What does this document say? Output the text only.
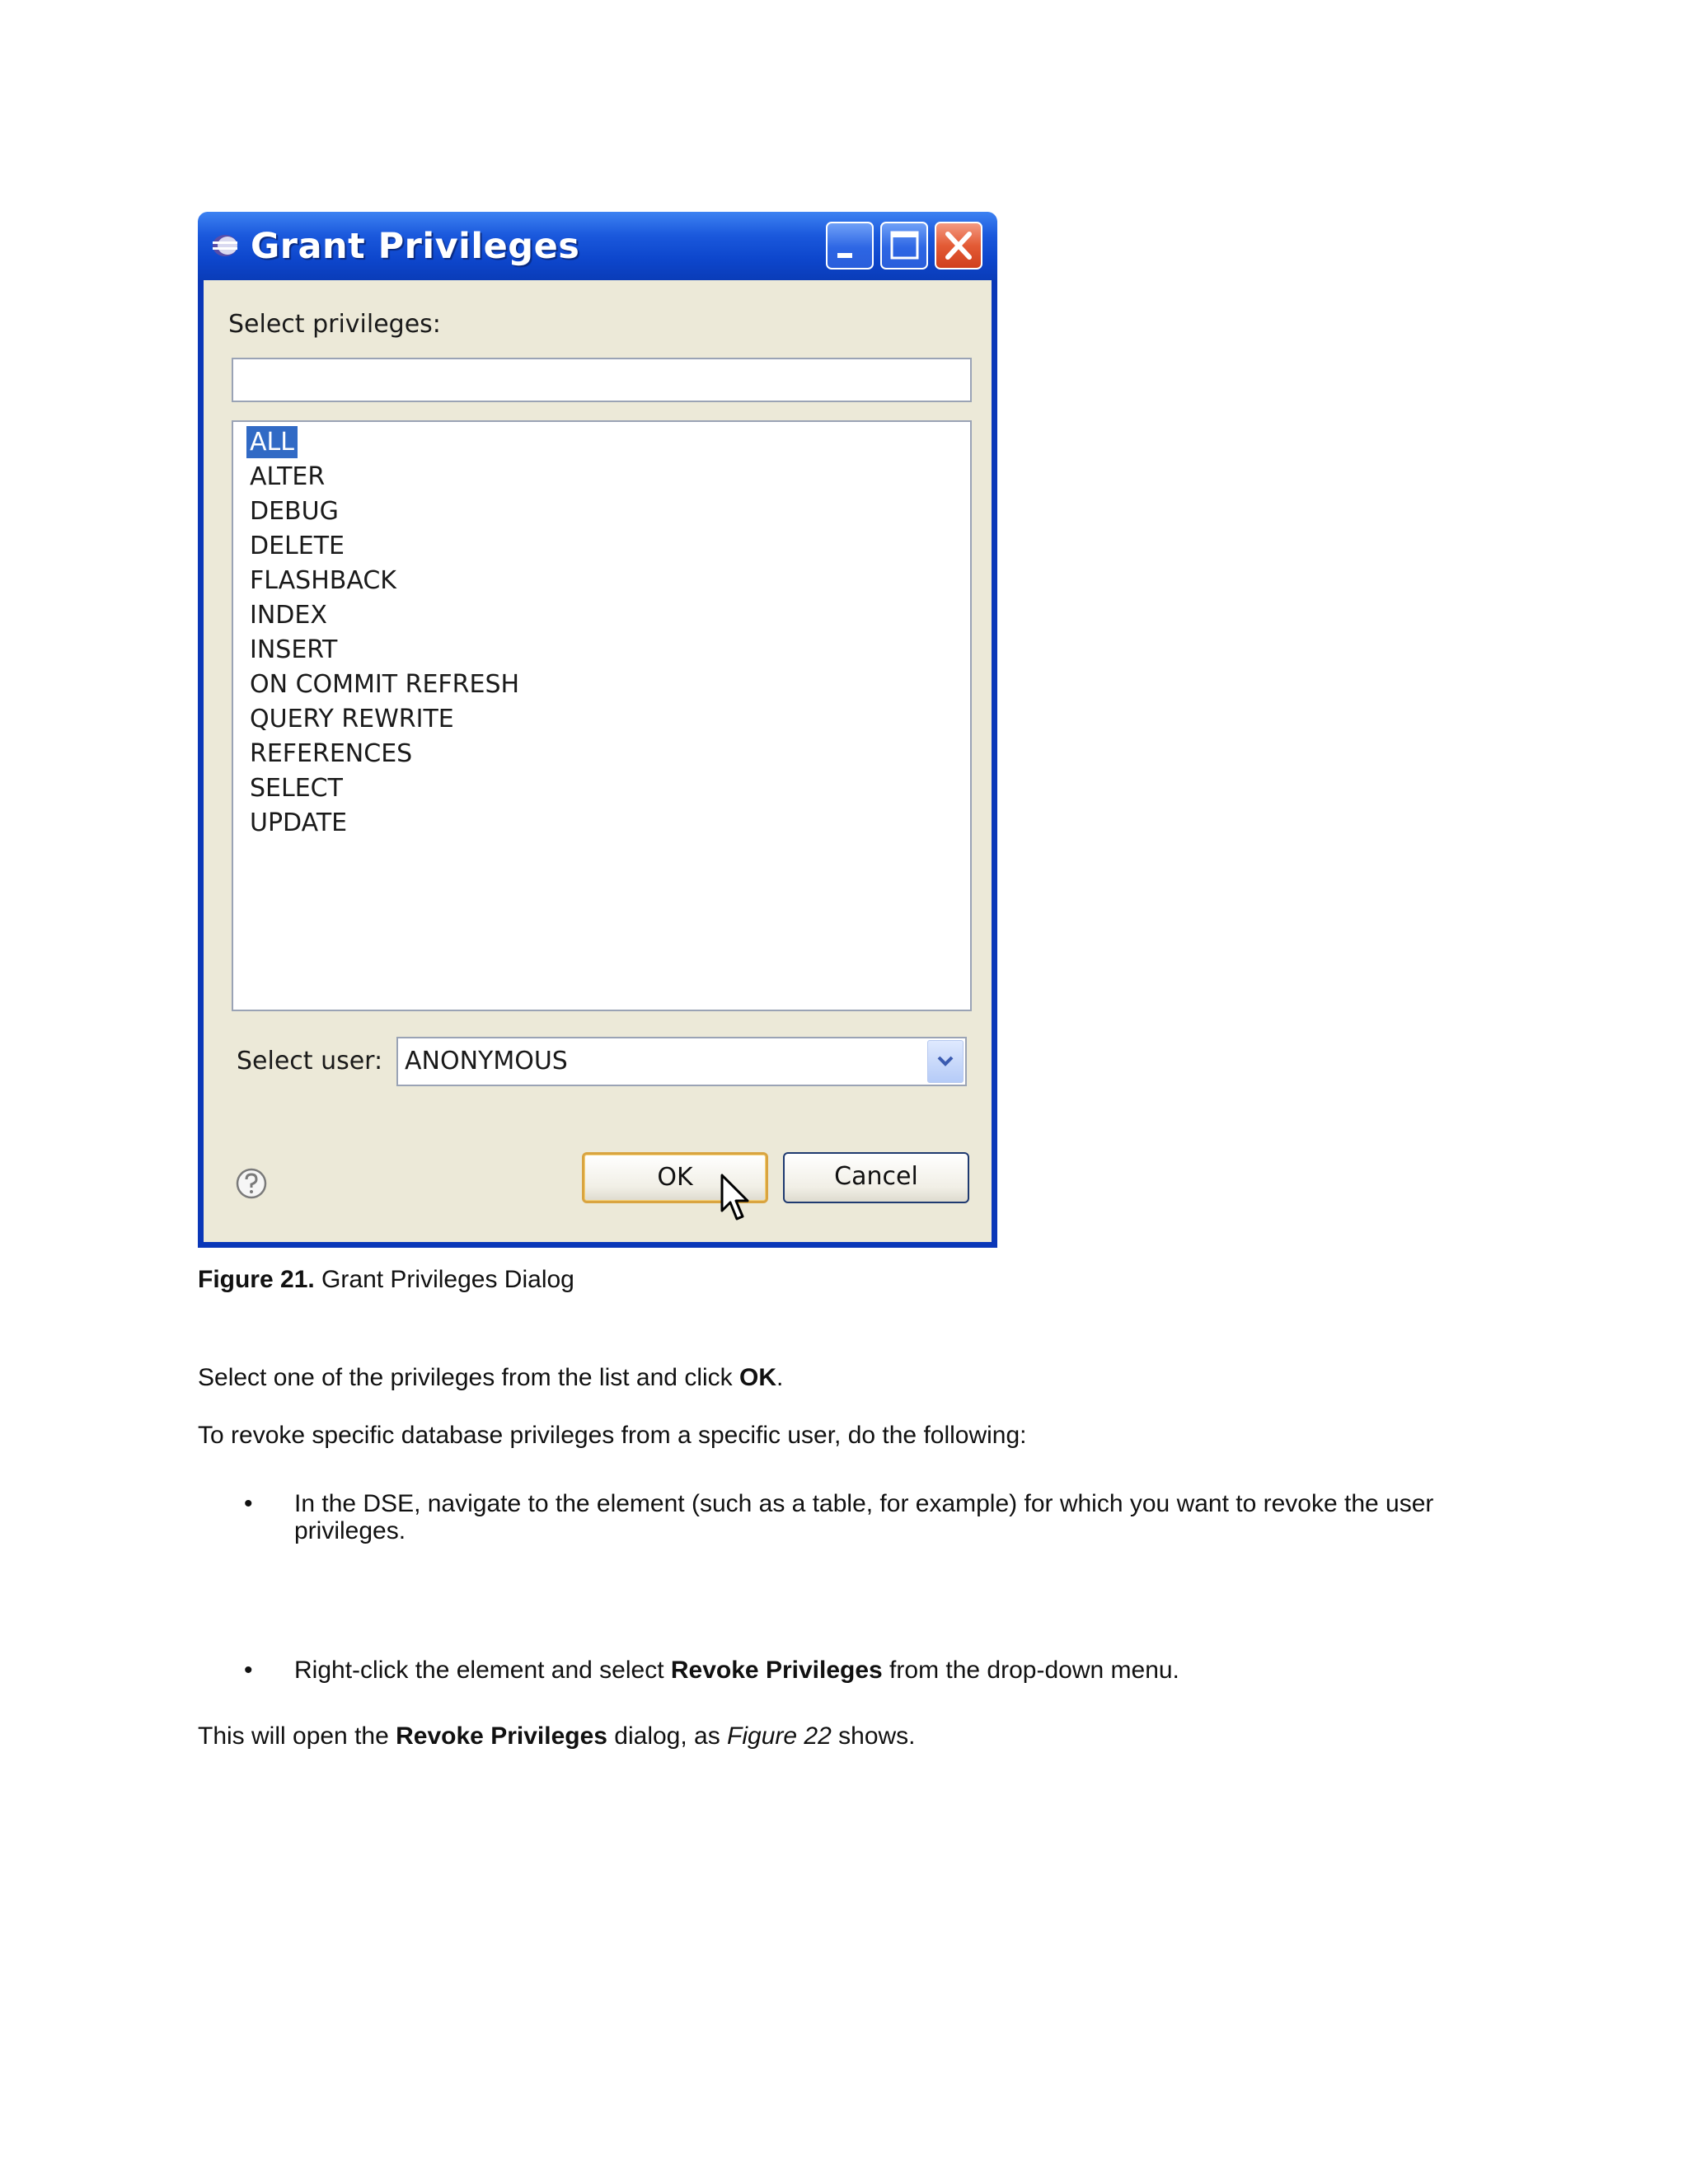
Grant Privileges
Select privileges:
ALL
ALTER
DEBUG
DELETE
FLASHBACK
INDEX
INSERT
ON COMMIT REFRESH
QUERY REWRITE
REFERENCES
SELECT
UPDATE
Select user: ANONYMOUS
OK	Cancel
Figure 21. Grant Privileges Dialog
Select one of the privileges from the list and click OK.
To revoke specific database privileges from a specific user, do the following:
• In the DSE, navigate to the element (such as a table, for example) for which you want to revoke the user privileges.
• Right-click the element and select Revoke Privileges from the drop-down menu.
This will open the Revoke Privileges dialog, as Figure 22 shows.
